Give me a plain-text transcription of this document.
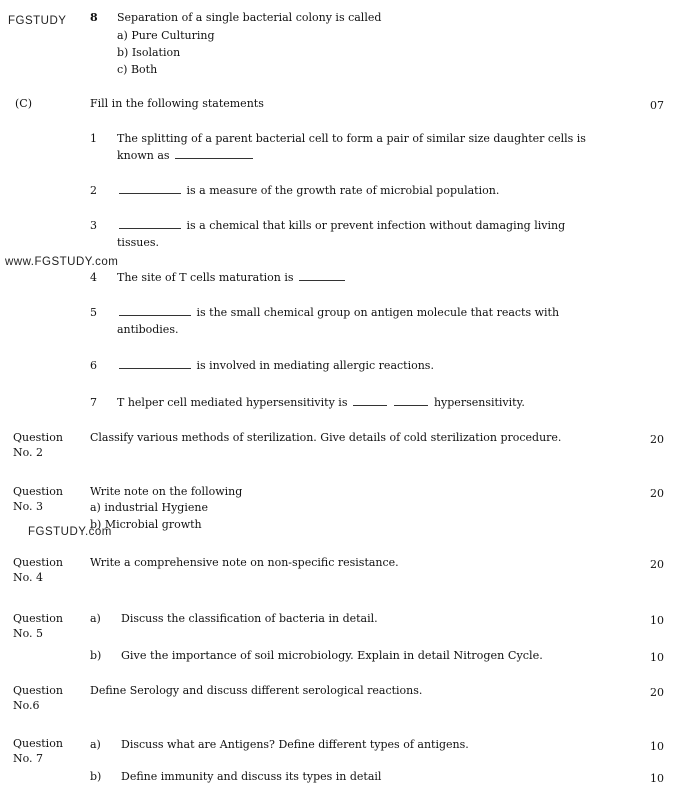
FGSTUDY
www.FGSTUDY.com
FGSTUDY.com
8 Separation of a single bacterial colony is called
a) Pure Culturing
b) Isolation
c) Both
(C)	Fill in the following statements	07
1 The splitting of a parent bacterial cell to form a pair of similar size daughter cells is
known as
2	is a measure of the growth rate of microbial population.
3	is a chemical that kills or prevent infection without damaging living
tissues.
4 The site of T cells maturation is
5	is the small chemical group on antigen molecule that reacts with
antibodies.
6	is involved in mediating allergic reactions.
7 T helper cell mediated hypersensitivity is	hypersensitivity.
Question No. 2
Classify various methods of sterilization. Give details of cold sterilization procedure.	20
Question No. 3
Write note on the following
a) industrial Hygiene
b) Microbial growth
20
Question No. 4
Write a comprehensive note on non-specific resistance.	20
Question No. 5
a) Discuss the classification of bacteria in detail.	10
b) Give the importance of soil microbiology. Explain in detail Nitrogen Cycle.	10
Question No.6
Define Serology and discuss different serological reactions.	20
Question No. 7
a) Discuss what are Antigens? Define different types of antigens.	10
b) Define immunity and discuss its types in detail	10
